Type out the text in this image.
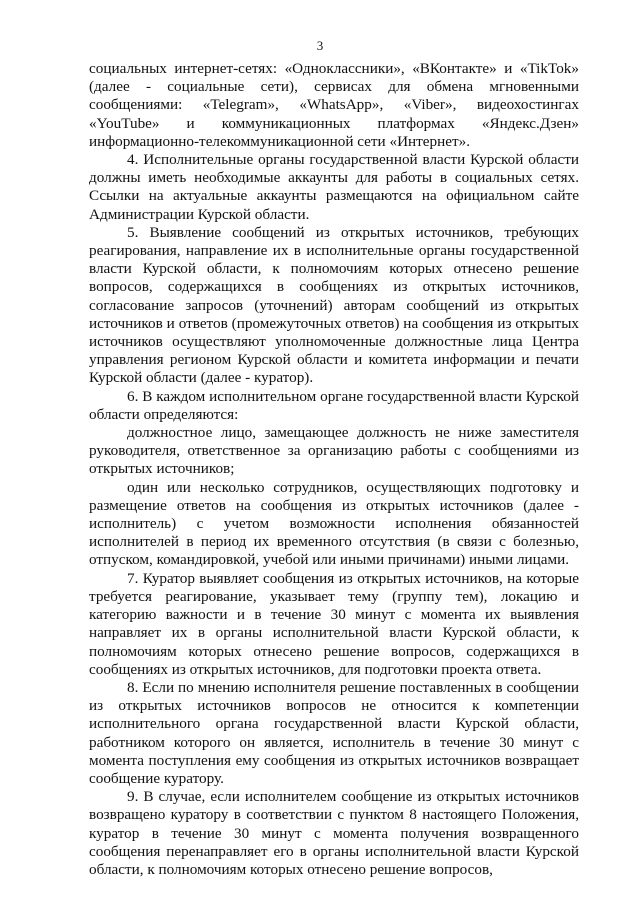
3

социальных интернет-сетях: «Одноклассники», «ВКонтакте» и «TikTok» (далее - социальные сети), сервисах для обмена мгновенными сообщениями: «Telegram», «WhatsApp», «Viber», видеохостингах «YouTube» и коммуникационных платформах «Яндекс.Дзен» информационно-телекоммуникационной сети «Интернет».

4. Исполнительные органы государственной власти Курской области должны иметь необходимые аккаунты для работы в социальных сетях. Ссылки на актуальные аккаунты размещаются на официальном сайте Администрации Курской области.

5. Выявление сообщений из открытых источников, требующих реагирования, направление их в исполнительные органы государственной власти Курской области, к полномочиям которых отнесено решение вопросов, содержащихся в сообщениях из открытых источников, согласование запросов (уточнений) авторам сообщений из открытых источников и ответов (промежуточных ответов) на сообщения из открытых источников осуществляют уполномоченные должностные лица Центра управления регионом Курской области и комитета информации и печати Курской области (далее - куратор).

6. В каждом исполнительном органе государственной власти Курской области определяются:

должностное лицо, замещающее должность не ниже заместителя руководителя, ответственное за организацию работы с сообщениями из открытых источников;

один или несколько сотрудников, осуществляющих подготовку и размещение ответов на сообщения из открытых источников (далее - исполнитель) с учетом возможности исполнения обязанностей исполнителей в период их временного отсутствия (в связи с болезнью, отпуском, командировкой, учебой или иными причинами) иными лицами.

7. Куратор выявляет сообщения из открытых источников, на которые требуется реагирование, указывает тему (группу тем), локацию и категорию важности и в течение 30 минут с момента их выявления направляет их в органы исполнительной власти Курской области, к полномочиям которых отнесено решение вопросов, содержащихся в сообщениях из открытых источников, для подготовки проекта ответа.

8. Если по мнению исполнителя решение поставленных в сообщении из открытых источников вопросов не относится к компетенции исполнительного органа государственной власти Курской области, работником которого он является, исполнитель в течение 30 минут с момента поступления ему сообщения из открытых источников возвращает сообщение куратору.

9. В случае, если исполнителем сообщение из открытых источников возвращено куратору в соответствии с пунктом 8 настоящего Положения, куратор в течение 30 минут с момента получения возвращенного сообщения перенаправляет его в органы исполнительной власти Курской области, к полномочиям которых отнесено решение вопросов,
